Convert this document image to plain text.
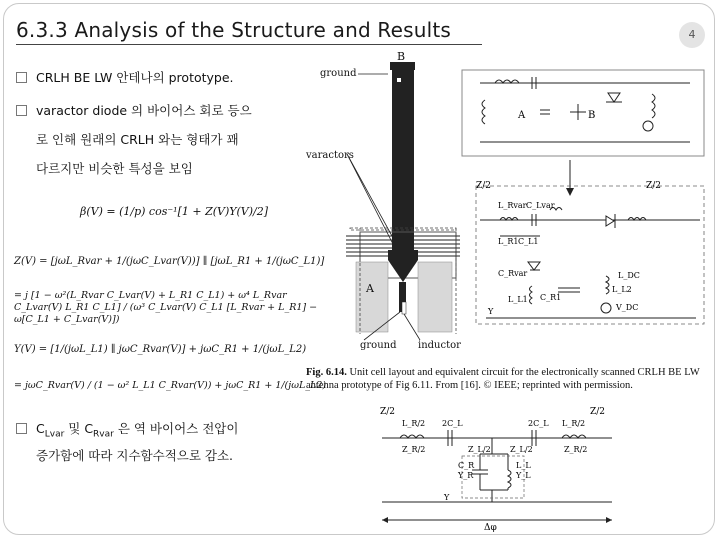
6.3.3 Analysis of the Structure and Results	4
CRLH BE LW 안테나의 prototype.
varactor diode 의 바이어스 회로 등으
로 인해 원래의 CRLH 와는 형태가 꽤
다르지만 비슷한 특성을 보임
$C_{Lvar}$ 및 $C_{Rvar}$ 은 역 바이어스 전압이
증가함에 따라 지수함수적으로 감소.
β(V) = (1/p) cos⁻¹[1 + Z(V)Y(V)/2]
Z(V) = [jωL_Rvar + 1/(jωC_Lvar(V))] ∥ [jωL_R1 + 1/(jωC_L1)]
= j [1 − ω²(L_Rvar C_Lvar(V) + L_R1 C_L1) + ω⁴ L_Rvar C_Lvar(V) L_R1 C_L1] / (ω³ C_Lvar(V) C_L1 [L_Rvar + L_R1] − ω[C_L1 + C_Lvar(V)])
Y(V) = [1/(jωL_L1) ∥ jωC_Rvar(V)] + jωC_R1 + 1/(jωL_L2)
= jωC_Rvar(V) / (1 − ω² L_L1 C_Rvar(V)) + jωC_R1 + 1/(jωL_L2)
ground
varactors
ground inductor
B
A
A	B
Z/2	Z/2
L_Rvar C_Lvar
L_R1 C_L1
C_Rvar
C_R1
L_L1
L_L2
L_DC
V_DC
Y
Fig. 6.14. Unit cell layout and equivalent circuit for the electronically scanned CRLH BE LW antenna prototype of Fig 6.11. From [16]. © IEEE; reprinted with permission.
Z/2	Z/2
L_R/2 2C_L	2C_L L_R/2
Z_R/2	Z_L/2 Z_L/2	Z_R/2
C_R
Y_R
L_L
Y_L
Y
Δφ
